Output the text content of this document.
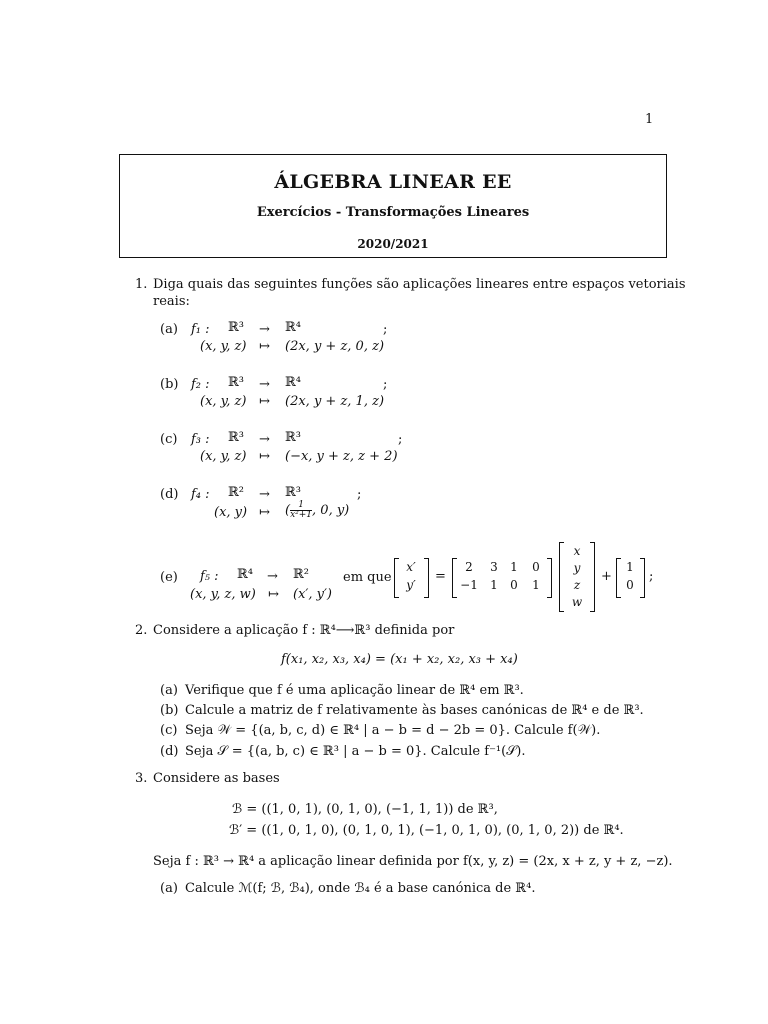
1
ÁLGEBRA LINEAR EE
Exercícios - Transformações Lineares
2020/2021
1. Diga quais das seguintes funções são aplicações lineares entre espaços vetoriais
reais:
(a) f₁ : ℝ³ → ℝ⁴	;
(x, y, z) ↦ (2x, y + z, 0, z)
(b) f₂ : ℝ³ → ℝ⁴	;
(x, y, z) ↦ (2x, y + z, 1, z)
(c) f₃ : ℝ³ → ℝ³	;
(x, y, z) ↦ (−x, y + z, z + 2)
(d) f₄ : ℝ² → ℝ³	;
(x, y) ↦ ( $\frac{1}{\text{x²+1}}$ , 0, y)
(e) f₅ : ℝ⁴ → ℝ²
(x, y, z, w) ↦ (x′, y′)
em que
x′
y′
=
2	3	1	0
−1	1	0	1
x
y
z
w
+
1
0
;
2. Considere a aplicação f : ℝ⁴⟶ℝ³ definida por
f(x₁, x₂, x₃, x₄) = (x₁ + x₂, x₂, x₃ + x₄)
(a) Verifique que f é uma aplicação linear de ℝ⁴ em ℝ³.
(b) Calcule a matriz de f relativamente às bases canónicas de ℝ⁴ e de ℝ³.
(c) Seja 𝒲 = {(a, b, c, d) ∈ ℝ⁴ | a − b = d − 2b = 0}. Calcule f(𝒲).
(d) Seja 𝒮 = {(a, b, c) ∈ ℝ³ | a − b = 0}. Calcule f⁻¹(𝒮).
3. Considere as bases
ℬ = ((1, 0, 1), (0, 1, 0), (−1, 1, 1)) de ℝ³,
ℬ′ = ((1, 0, 1, 0), (0, 1, 0, 1), (−1, 0, 1, 0), (0, 1, 0, 2)) de ℝ⁴.
Seja f : ℝ³ → ℝ⁴ a aplicação linear definida por f(x, y, z) = (2x, x + z, y + z, −z).
(a) Calcule ℳ(f; ℬ, ℬ₄), onde ℬ₄ é a base canónica de ℝ⁴.
